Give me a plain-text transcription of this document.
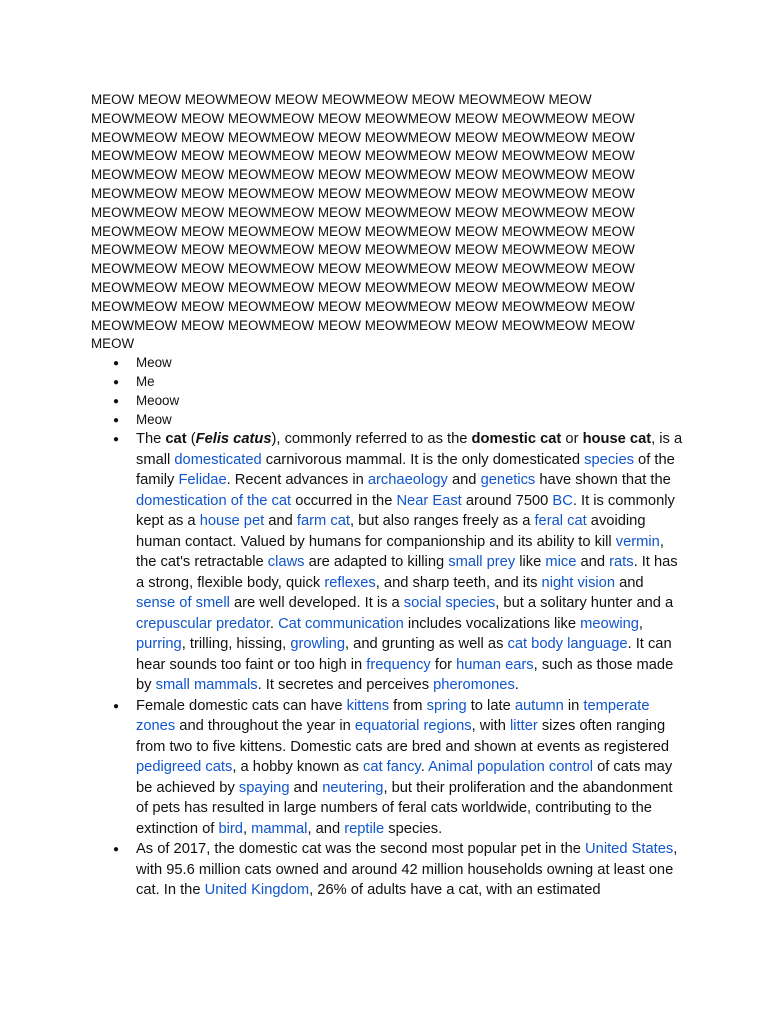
MEOW MEOW MEOWMEOW MEOW MEOWMEOW MEOW MEOWMEOW MEOW
MEOWMEOW MEOW MEOWMEOW MEOW MEOWMEOW MEOW MEOWMEOW MEOW
MEOWMEOW MEOW MEOWMEOW MEOW MEOWMEOW MEOW MEOWMEOW MEOW
MEOWMEOW MEOW MEOWMEOW MEOW MEOWMEOW MEOW MEOWMEOW MEOW
MEOWMEOW MEOW MEOWMEOW MEOW MEOWMEOW MEOW MEOWMEOW MEOW
MEOWMEOW MEOW MEOWMEOW MEOW MEOWMEOW MEOW MEOWMEOW MEOW
MEOWMEOW MEOW MEOWMEOW MEOW MEOWMEOW MEOW MEOWMEOW MEOW
MEOWMEOW MEOW MEOWMEOW MEOW MEOWMEOW MEOW MEOWMEOW MEOW
MEOWMEOW MEOW MEOWMEOW MEOW MEOWMEOW MEOW MEOWMEOW MEOW
MEOWMEOW MEOW MEOWMEOW MEOW MEOWMEOW MEOW MEOWMEOW MEOW
MEOWMEOW MEOW MEOWMEOW MEOW MEOWMEOW MEOW MEOWMEOW MEOW
MEOWMEOW MEOW MEOWMEOW MEOW MEOWMEOW MEOW MEOWMEOW MEOW
MEOWMEOW MEOW MEOWMEOW MEOW MEOWMEOW MEOW MEOWMEOW MEOW
MEOW
● Meow
● Me
● Meoow
● Meow
● The cat (Felis catus), commonly referred to as the domestic cat or house cat, is a small domesticated carnivorous mammal. It is the only domesticated species of the family Felidae. Recent advances in archaeology and genetics have shown that the domestication of the cat occurred in the Near East around 7500 BC. It is commonly kept as a house pet and farm cat, but also ranges freely as a feral cat avoiding human contact. Valued by humans for companionship and its ability to kill vermin, the cat's retractable claws are adapted to killing small prey like mice and rats. It has a strong, flexible body, quick reflexes, and sharp teeth, and its night vision and sense of smell are well developed. It is a social species, but a solitary hunter and a crepuscular predator. Cat communication includes vocalizations like meowing, purring, trilling, hissing, growling, and grunting as well as cat body language. It can hear sounds too faint or too high in frequency for human ears, such as those made by small mammals. It secretes and perceives pheromones.
● Female domestic cats can have kittens from spring to late autumn in temperate zones and throughout the year in equatorial regions, with litter sizes often ranging from two to five kittens. Domestic cats are bred and shown at events as registered pedigreed cats, a hobby known as cat fancy. Animal population control of cats may be achieved by spaying and neutering, but their proliferation and the abandonment of pets has resulted in large numbers of feral cats worldwide, contributing to the extinction of bird, mammal, and reptile species.
● As of 2017, the domestic cat was the second most popular pet in the United States, with 95.6 million cats owned and around 42 million households owning at least one cat. In the United Kingdom, 26% of adults have a cat, with an estimated
